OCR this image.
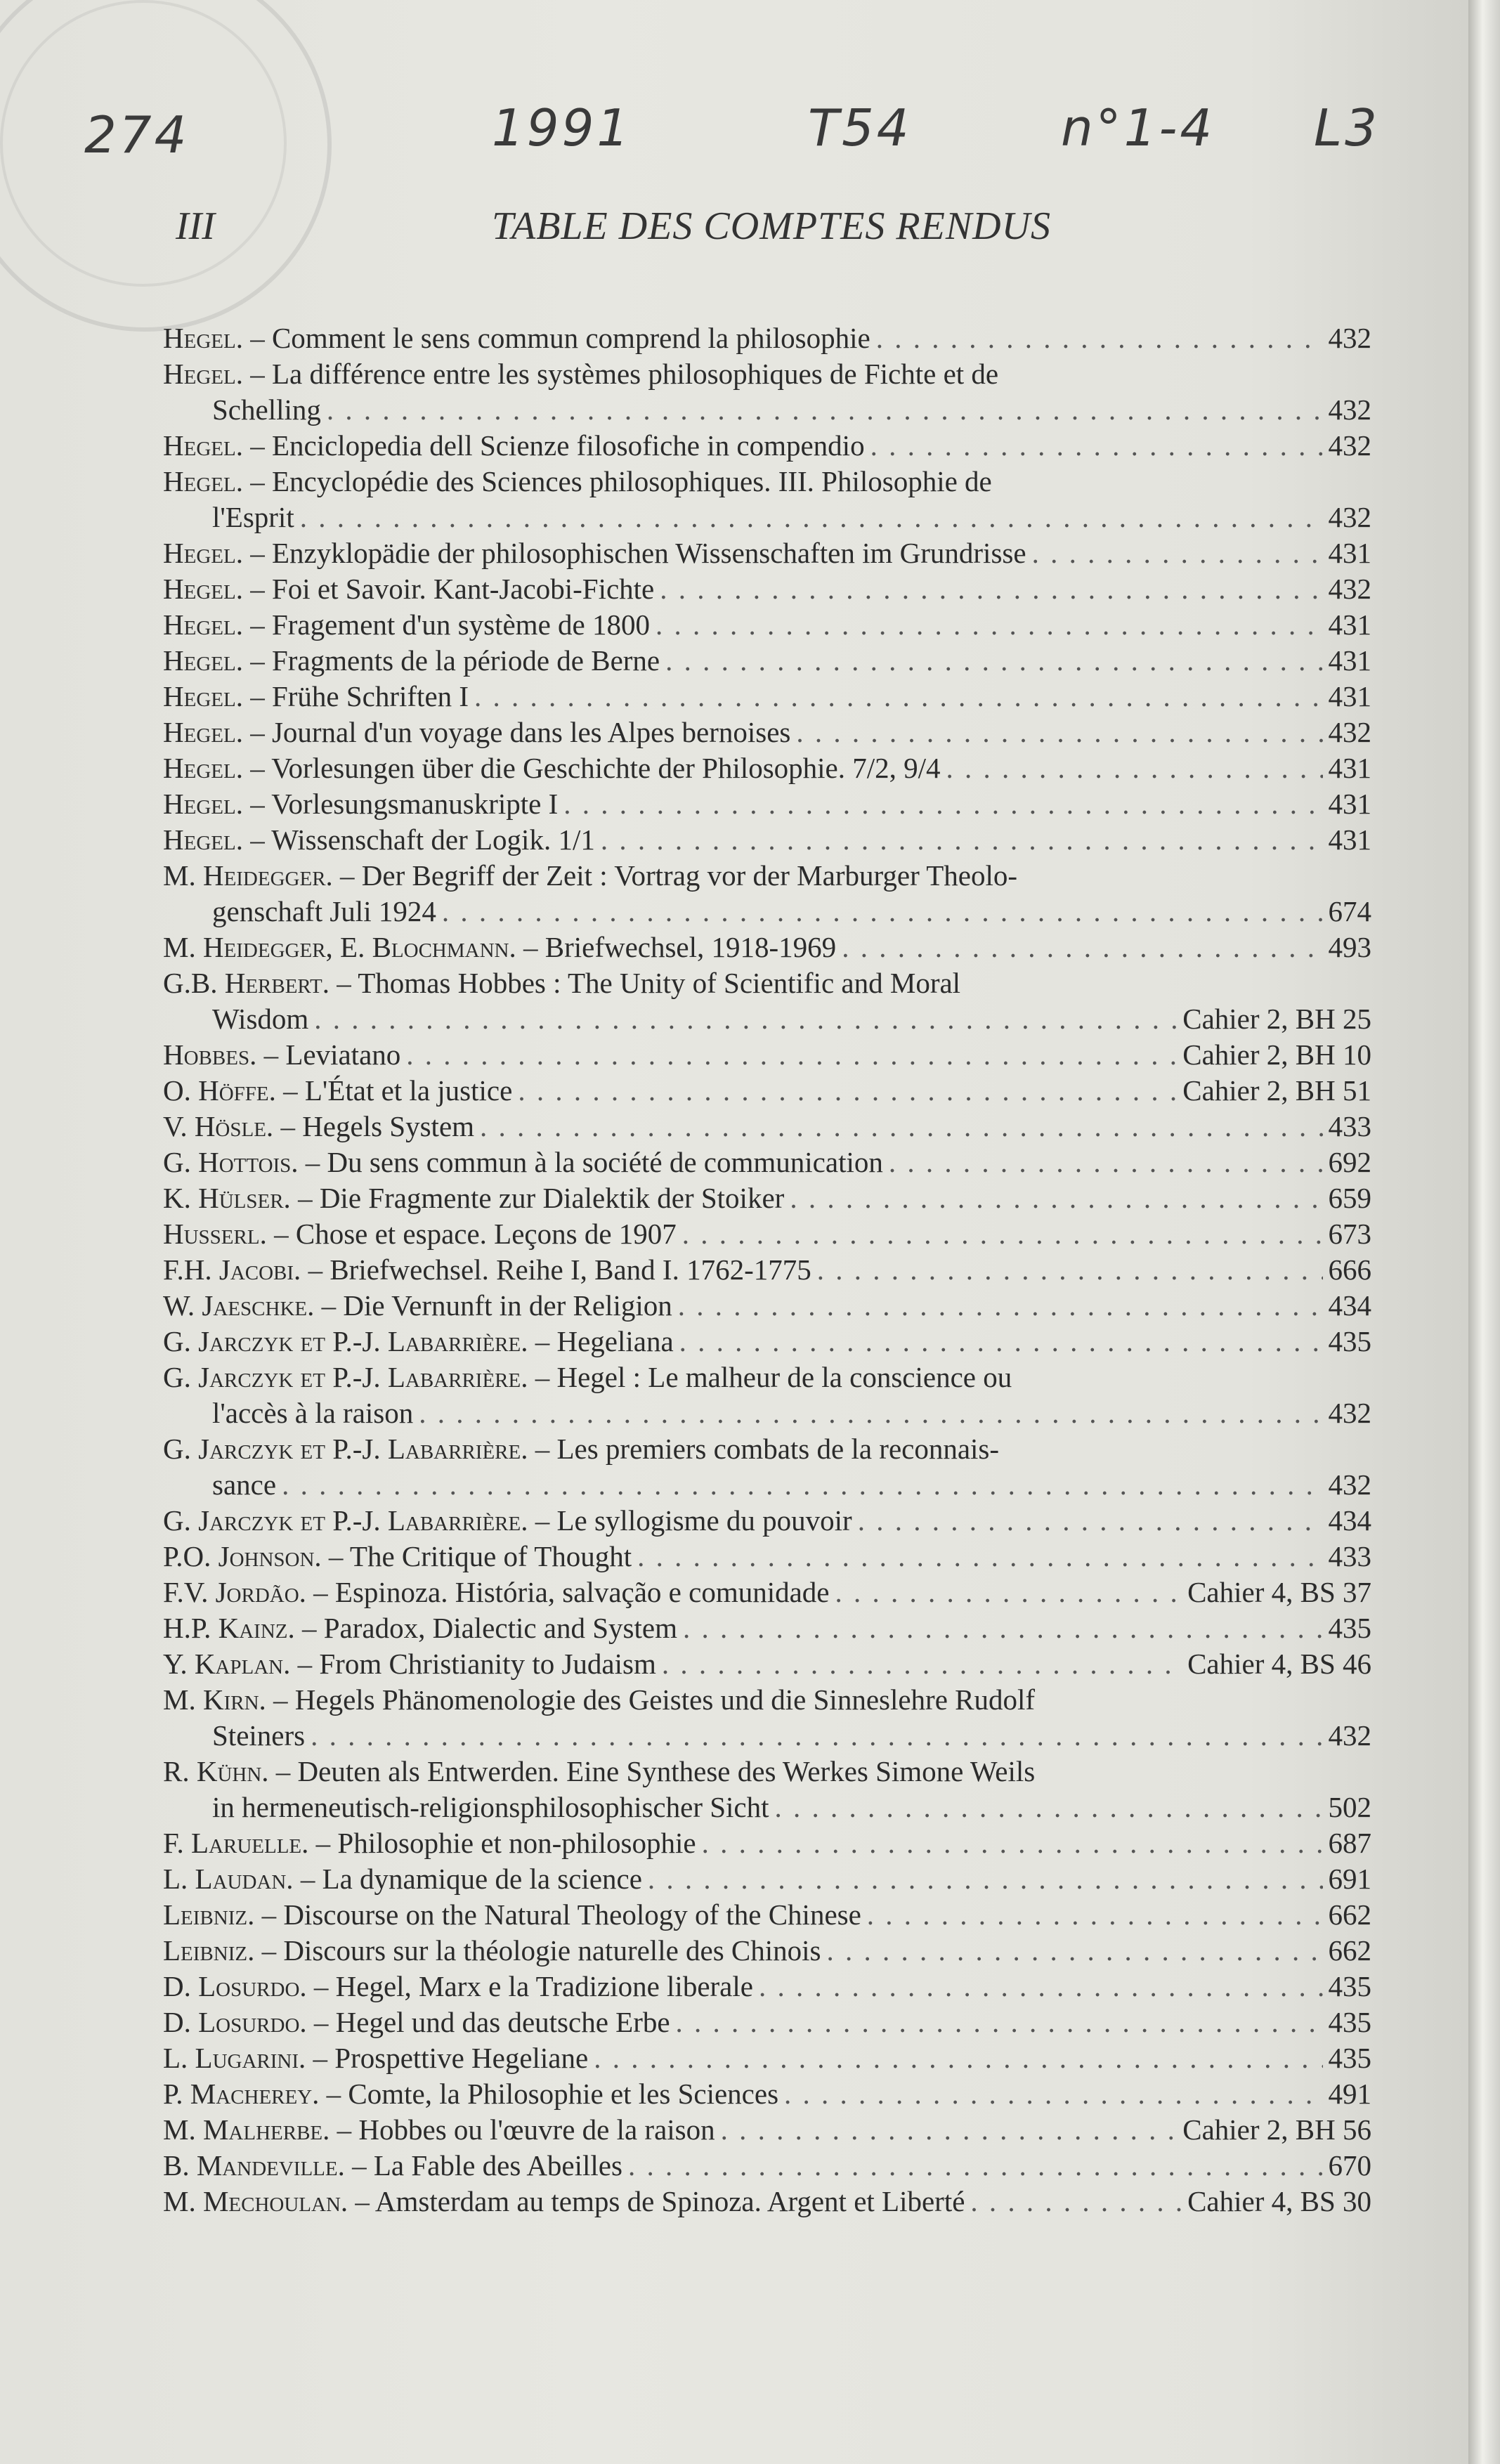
274	1991	T54	n°1-4 L3
III	TABLE DES COMPTES RENDUS
Hegel. – Comment le sens commun comprend la philosophie . . .	432
Hegel. – La différence entre les systèmes philosophiques de Fichte et de
Schelling . . .	432
Hegel. – Enciclopedia dell Scienze filosofiche in compendio . . .	432
Hegel. – Encyclopédie des Sciences philosophiques. III. Philosophie de
l'Esprit . . .	432
Hegel. – Enzyklopädie der philosophischen Wissenschaften im Grundrisse . . .	431
Hegel. – Foi et Savoir. Kant-Jacobi-Fichte . . .	432
Hegel. – Fragement d'un système de 1800 . . .	431
Hegel. – Fragments de la période de Berne . . .	431
Hegel. – Frühe Schriften I . . .	431
Hegel. – Journal d'un voyage dans les Alpes bernoises . . .	432
Hegel. – Vorlesungen über die Geschichte der Philosophie. 7/2, 9/4 . . .	431
Hegel. – Vorlesungsmanuskripte I . . .	431
Hegel. – Wissenschaft der Logik. 1/1 . . .	431
M. Heidegger. – Der Begriff der Zeit : Vortrag vor der Marburger Theolo-
genschaft Juli 1924 . . .	674
M. Heidegger, E. Blochmann. – Briefwechsel, 1918-1969 . . .	493
G.B. Herbert. – Thomas Hobbes : The Unity of Scientific and Moral
Wisdom . . .	Cahier 2, BH 25
Hobbes. – Leviatano . . .	Cahier 2, BH 10
O. Höffe. – L'État et la justice . . .	Cahier 2, BH 51
V. Hösle. – Hegels System . . .	433
G. Hottois. – Du sens commun à la société de communication . . .	692
K. Hülser. – Die Fragmente zur Dialektik der Stoiker . . .	659
Husserl. – Chose et espace. Leçons de 1907 . . .	673
F.H. Jacobi. – Briefwechsel. Reihe I, Band I. 1762-1775 . . .	666
W. Jaeschke. – Die Vernunft in der Religion . . .	434
G. Jarczyk et P.-J. Labarrière. – Hegeliana . . .	435
G. Jarczyk et P.-J. Labarrière. – Hegel : Le malheur de la conscience ou
l'accès à la raison . . .	432
G. Jarczyk et P.-J. Labarrière. – Les premiers combats de la reconnais-
sance . . .	432
G. Jarczyk et P.-J. Labarrière. – Le syllogisme du pouvoir . . .	434
P.O. Johnson. – The Critique of Thought . . .	433
F.V. Jordão. – Espinoza. História, salvação e comunidade . . .	Cahier 4, BS 37
H.P. Kainz. – Paradox, Dialectic and System . . .	435
Y. Kaplan. – From Christianity to Judaism . . .	Cahier 4, BS 46
M. Kirn. – Hegels Phänomenologie des Geistes und die Sinneslehre Rudolf
Steiners . . .	432
R. Kühn. – Deuten als Entwerden. Eine Synthese des Werkes Simone Weils
in hermeneutisch-religionsphilosophischer Sicht . . .	502
F. Laruelle. – Philosophie et non-philosophie . . .	687
L. Laudan. – La dynamique de la science . . .	691
Leibniz. – Discourse on the Natural Theology of the Chinese . . .	662
Leibniz. – Discours sur la théologie naturelle des Chinois . . .	662
D. Losurdo. – Hegel, Marx e la Tradizione liberale . . .	435
D. Losurdo. – Hegel und das deutsche Erbe . . .	435
L. Lugarini. – Prospettive Hegeliane . . .	435
P. Macherey. – Comte, la Philosophie et les Sciences . . .	491
M. Malherbe. – Hobbes ou l'œuvre de la raison . . .	Cahier 2, BH 56
B. Mandeville. – La Fable des Abeilles . . .	670
M. Mechoulan. – Amsterdam au temps de Spinoza. Argent et Liberté . . .	Cahier 4, BS 30
